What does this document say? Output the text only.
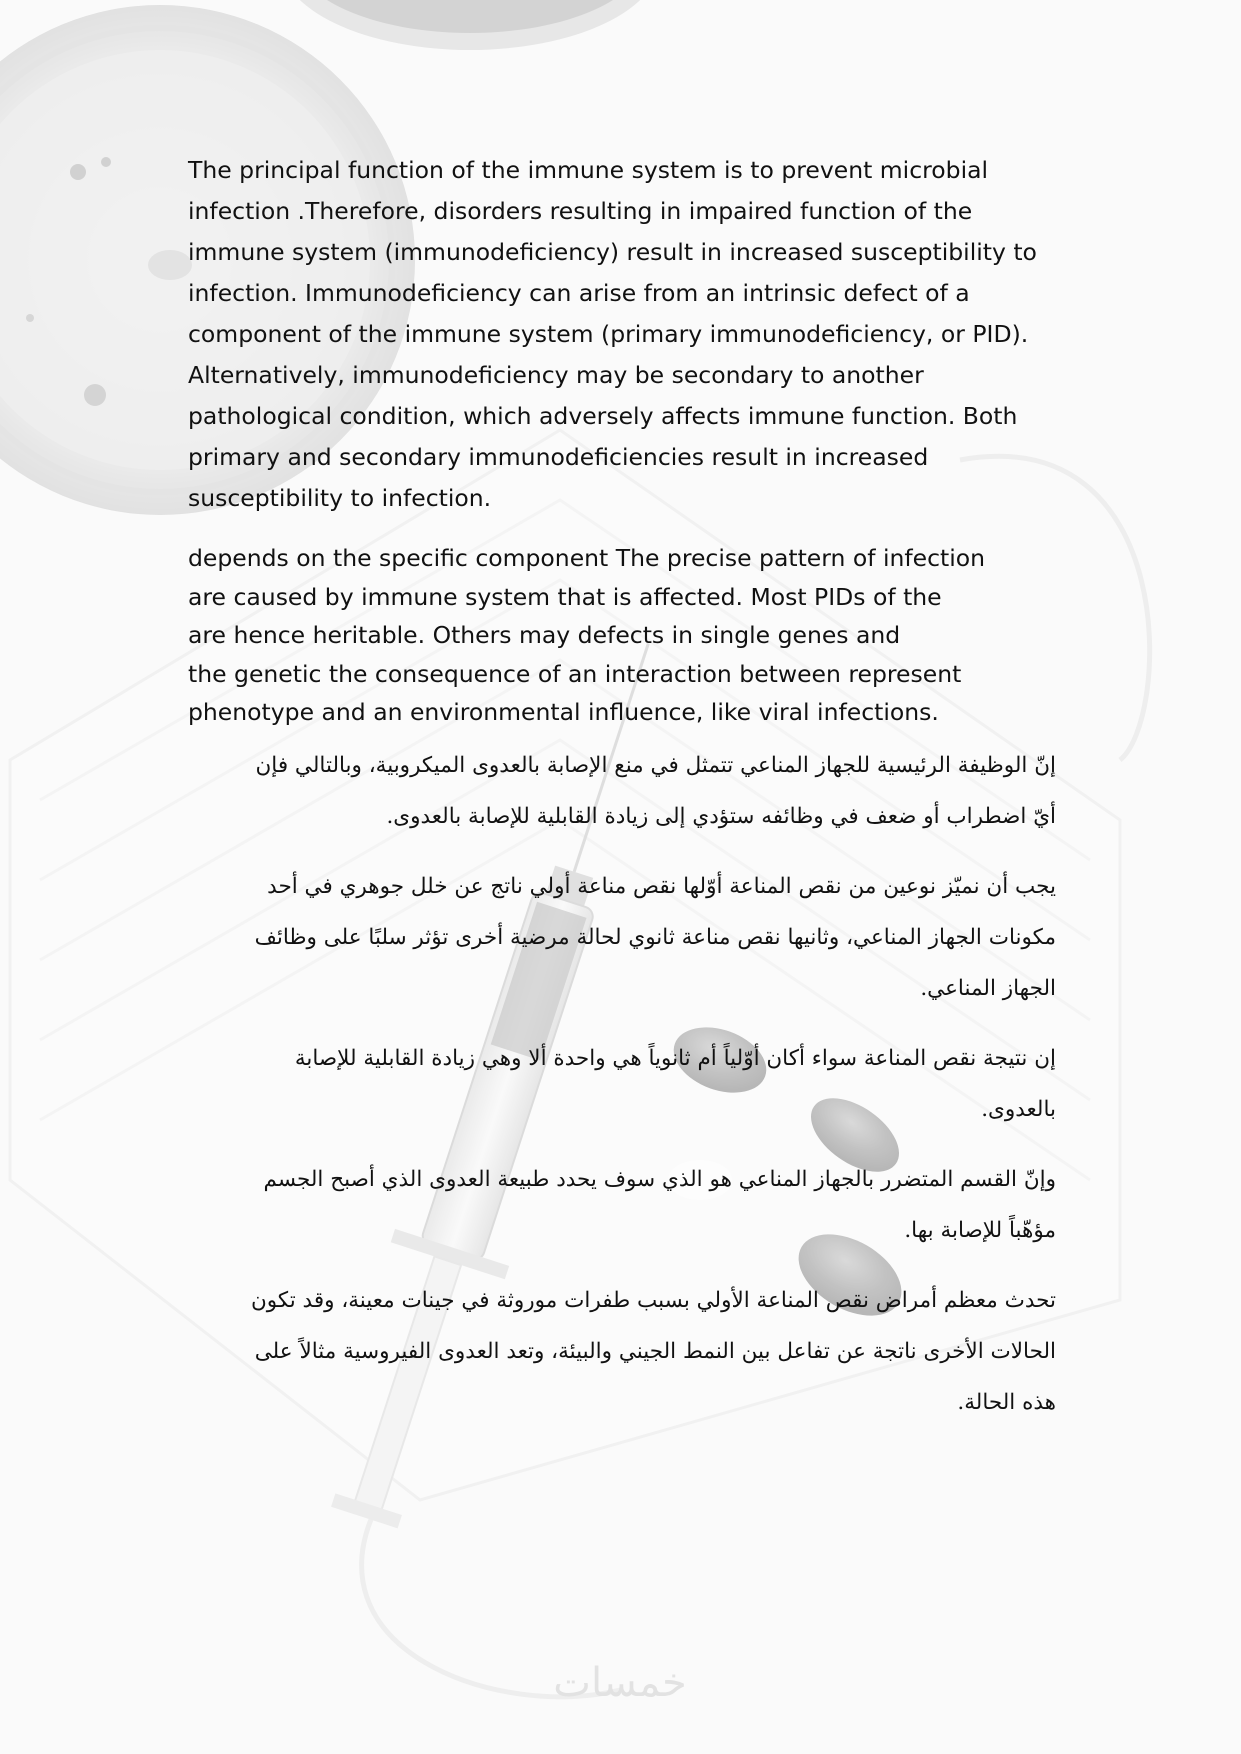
The principal function of the immune system is to prevent microbial
infection .Therefore, disorders resulting in impaired function of the
immune system (immunodeficiency) result in increased susceptibility to
infection. Immunodeficiency can arise from an intrinsic defect of a
component of the immune system (primary immunodeficiency, or PID).
Alternatively, immunodeficiency may be secondary to another
pathological condition, which adversely affects immune function. Both
primary and secondary immunodeficiencies result in increased
susceptibility to infection.

depends on the specific component The precise pattern of infection
are caused by immune system that is affected. Most PIDs of the
are hence heritable. Others may defects in single genes and
the genetic the consequence of an interaction between represent
phenotype and an environmental influence, like viral infections.

إنّ الوظيفة الرئيسية للجهاز المناعي تتمثل في منع الإصابة بالعدوى الميكروبية، وبالتالي فإن
أيّ اضطراب أو ضعف في وظائفه ستؤدي إلى زيادة القابلية للإصابة بالعدوى.

يجب أن نميّز نوعين من نقص المناعة أوّلها نقص مناعة أولي ناتج عن خلل جوهري في أحد
مكونات الجهاز المناعي، وثانيها نقص مناعة ثانوي لحالة مرضية أخرى تؤثر سلبًا على وظائف
الجهاز المناعي.

إن نتيجة نقص المناعة سواء أكان أوّلياً أم ثانوياً هي واحدة ألا وهي زيادة القابلية للإصابة
بالعدوى.

وإنّ القسم المتضرر بالجهاز المناعي هو الذي سوف يحدد طبيعة العدوى الذي أصبح الجسم
مؤهّباً للإصابة بها.

تحدث معظم أمراض نقص المناعة الأولي بسبب طفرات موروثة في جينات معينة، وقد تكون
الحالات الأخرى ناتجة عن تفاعل بين النمط الجيني والبيئة، وتعد العدوى الفيروسية مثالاً على
هذه الحالة.

خمسات
